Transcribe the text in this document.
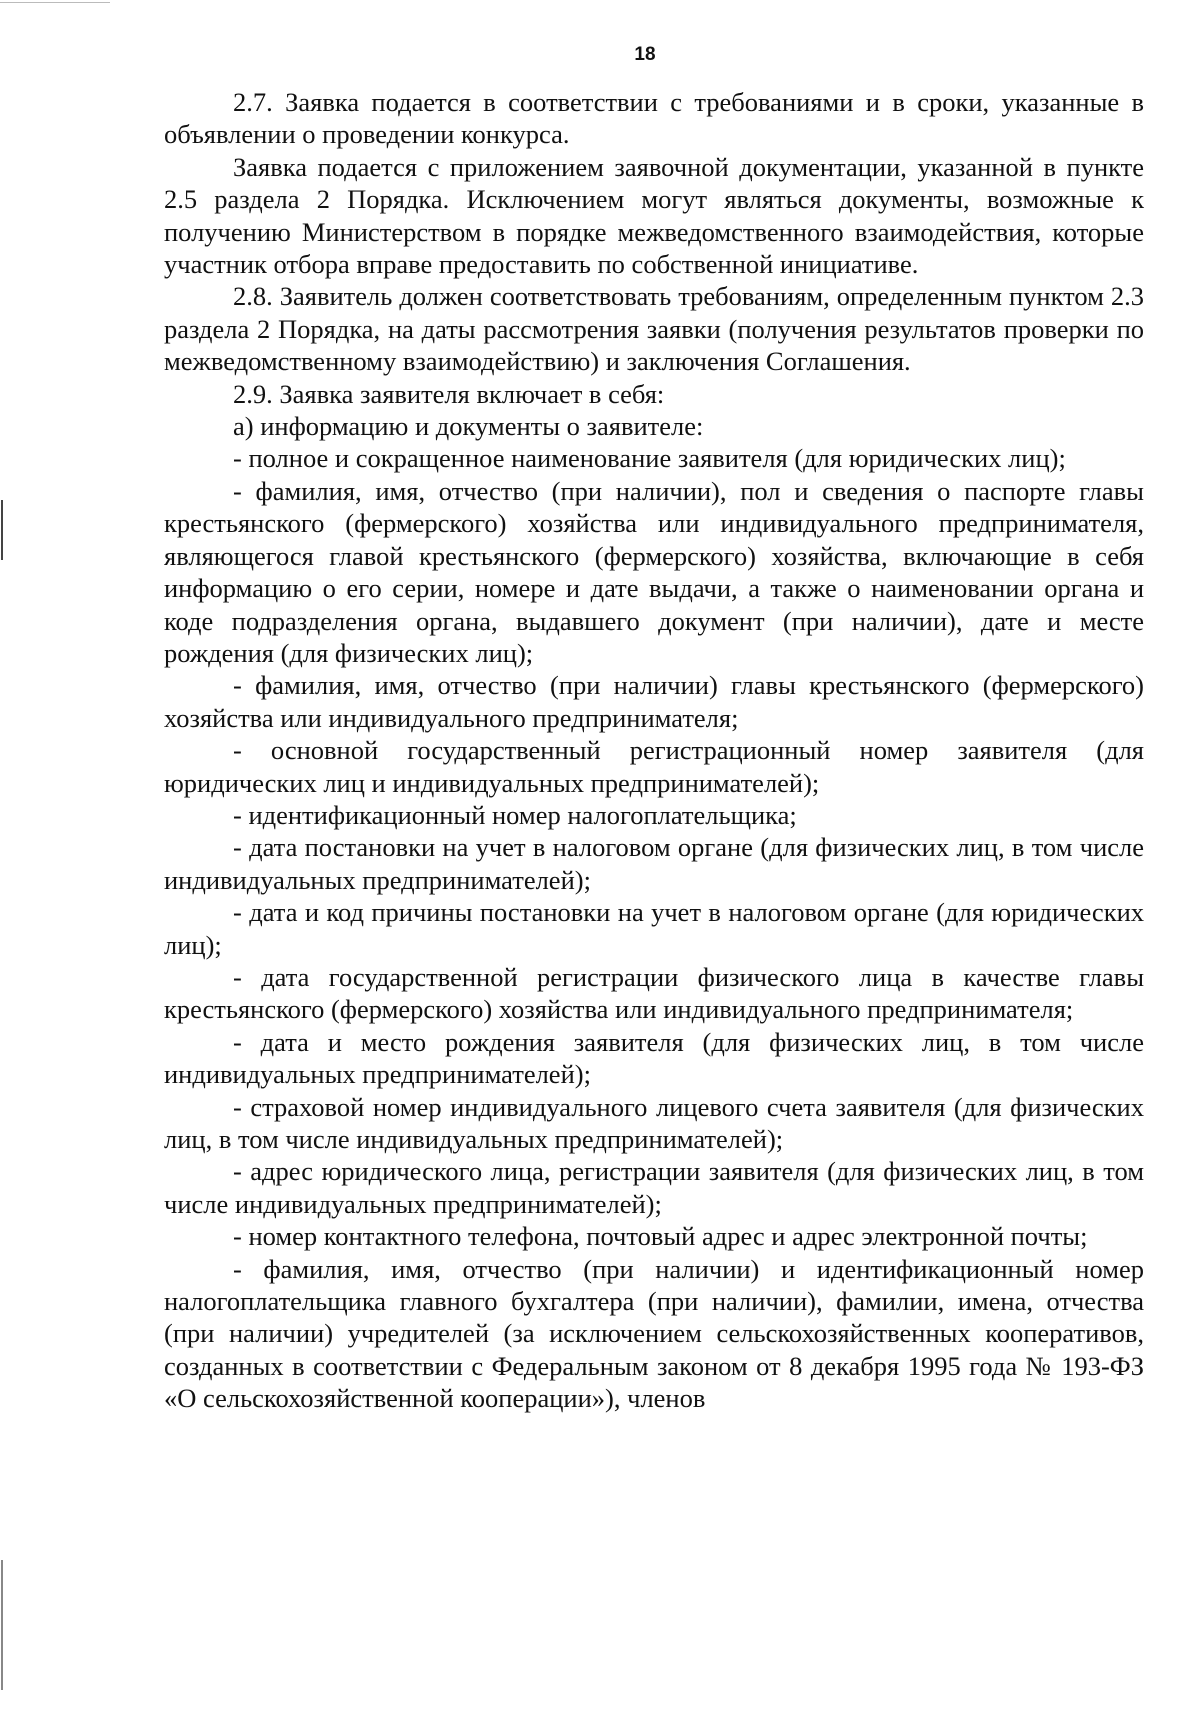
18

2.7. Заявка подается в соответствии с требованиями и в сроки, указанные в объявлении о проведении конкурса.

Заявка подается с приложением заявочной документации, указанной в пункте 2.5 раздела 2 Порядка. Исключением могут являться документы, возможные к получению Министерством в порядке межведомственного взаимодействия, которые участник отбора вправе предоставить по собственной инициативе.

2.8. Заявитель должен соответствовать требованиям, определенным пунктом 2.3 раздела 2 Порядка, на даты рассмотрения заявки (получения результатов проверки по межведомственному взаимодействию) и заключения Соглашения.

2.9. Заявка заявителя включает в себя:

а) информацию и документы о заявителе:

- полное и сокращенное наименование заявителя (для юридических лиц);

- фамилия, имя, отчество (при наличии), пол и сведения о паспорте главы крестьянского (фермерского) хозяйства или индивидуального предпринимателя, являющегося главой крестьянского (фермерского) хозяйства, включающие в себя информацию о его серии, номере и дате выдачи, а также о наименовании органа и коде подразделения органа, выдавшего документ (при наличии), дате и месте рождения (для физических лиц);

- фамилия, имя, отчество (при наличии) главы крестьянского (фермерского) хозяйства или индивидуального предпринимателя;

- основной государственный регистрационный номер заявителя (для юридических лиц и индивидуальных предпринимателей);

- идентификационный номер налогоплательщика;

- дата постановки на учет в налоговом органе (для физических лиц, в том числе индивидуальных предпринимателей);

- дата и код причины постановки на учет в налоговом органе (для юридических лиц);

- дата государственной регистрации физического лица в качестве главы крестьянского (фермерского) хозяйства или индивидуального предпринимателя;

- дата и место рождения заявителя (для физических лиц, в том числе индивидуальных предпринимателей);

- страховой номер индивидуального лицевого счета заявителя (для физических лиц, в том числе индивидуальных предпринимателей);

- адрес юридического лица, регистрации заявителя (для физических лиц, в том числе индивидуальных предпринимателей);

- номер контактного телефона, почтовый адрес и адрес электронной почты;

- фамилия, имя, отчество (при наличии) и идентификационный номер налогоплательщика главного бухгалтера (при наличии), фамилии, имена, отчества (при наличии) учредителей (за исключением сельскохозяйственных кооперативов, созданных в соответствии с Федеральным законом от 8 декабря 1995 года № 193-ФЗ «О сельскохозяйственной кооперации»), членов
